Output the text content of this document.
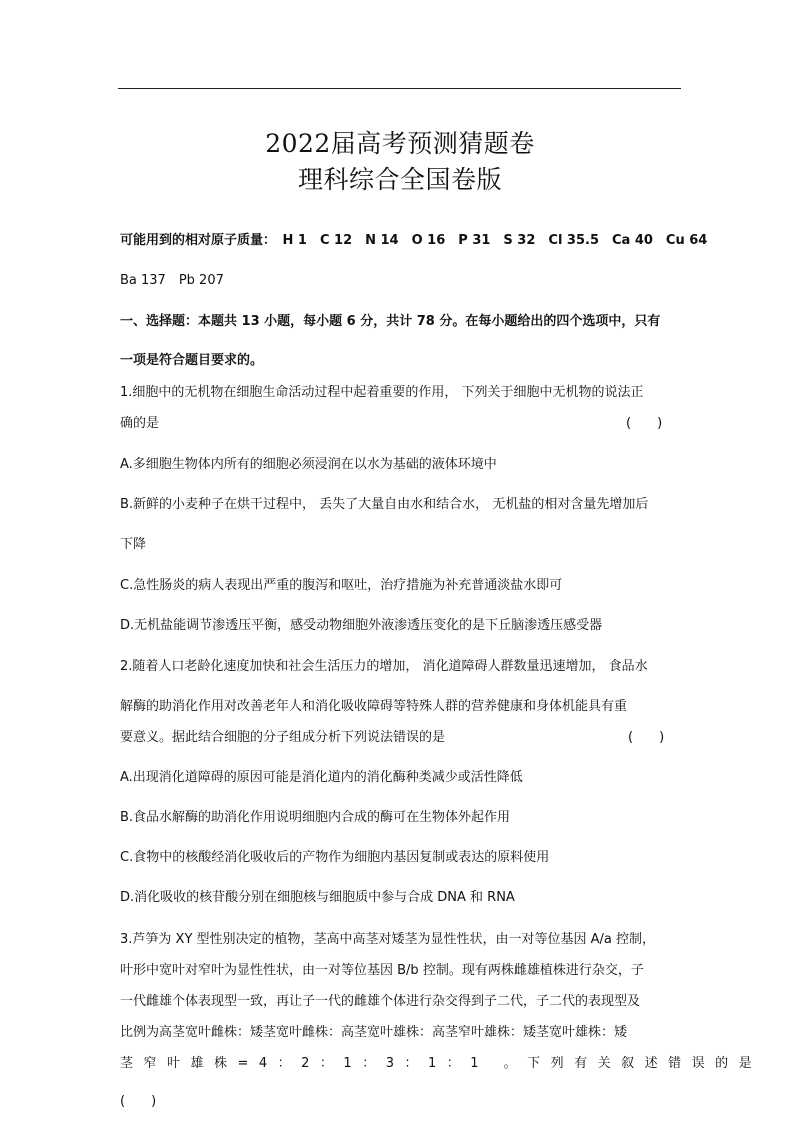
2022届高考预测猜题卷
理科综合全国卷版
可能用到的相对原子质量：　H 1　C 12　N 14　O 16　P 31　S 32　Cl 35.5　Ca 40　Cu 64
Ba 137　Pb 207
一、选择题：本题共 13 小题，每小题 6 分，共计 78 分。在每小题给出的四个选项中，只有
一项是符合题目要求的。
1.细胞中的无机物在细胞生命活动过程中起着重要的作用， 下列关于细胞中无机物的说法正
确的是	(　　)
A.多细胞生物体内所有的细胞必须浸润在以水为基础的液体环境中
B.新鲜的小麦种子在烘干过程中， 丢失了大量自由水和结合水， 无机盐的相对含量先增加后
下降
C.急性肠炎的病人表现出严重的腹泻和呕吐，治疗措施为补充普通淡盐水即可
D.无机盐能调节渗透压平衡，感受动物细胞外液渗透压变化的是下丘脑渗透压感受器
2.随着人口老龄化速度加快和社会生活压力的增加， 消化道障碍人群数量迅速增加， 食品水
解酶的助消化作用对改善老年人和消化吸收障碍等特殊人群的营养健康和身体机能具有重
要意义。据此结合细胞的分子组成分析下列说法错误的是	(　　)
A.出现消化道障碍的原因可能是消化道内的消化酶种类减少或活性降低
B.食品水解酶的助消化作用说明细胞内合成的酶可在生物体外起作用
C.食物中的核酸经消化吸收后的产物作为细胞内基因复制或表达的原料使用
D.消化吸收的核苷酸分别在细胞核与细胞质中参与合成 DNA 和 RNA
3.芦笋为 XY 型性别决定的植物，茎高中高茎对矮茎为显性性状，由一对等位基因 A/a 控制，
叶形中宽叶对窄叶为显性性状，由一对等位基因 B/b 控制。现有两株雌雄植株进行杂交，子
一代雌雄个体表现型一致，再让子一代的雌雄个体进行杂交得到子二代，子二代的表现型及
比例为高茎宽叶雌株：矮茎宽叶雌株：高茎宽叶雄株：高茎窄叶雄株：矮茎宽叶雄株：矮
茎窄叶雄株=4：2：1：3：1：1 。下列有关叙述错误的是
(　　)
